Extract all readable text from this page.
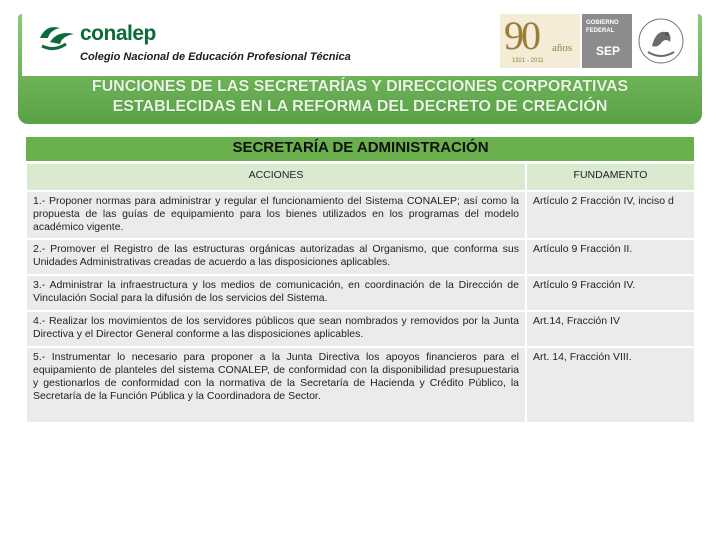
conalep
Colegio Nacional de Educación Profesional Técnica	90 años
1921 - 2011
GOBIERNO FEDERAL
SEP
FUNCIONES DE LAS SECRETARÍAS Y DIRECCIONES CORPORATIVAS
ESTABLECIDAS EN LA REFORMA DEL DECRETO DE CREACIÓN
SECRETARÍA DE ADMINISTRACIÓN
ACCIONES	FUNDAMENTO
1.- Proponer normas para administrar y regular el funcionamiento del Sistema CONALEP; así como la propuesta de las guías de equipamiento para los bienes utilizados en los programas del modelo académico vigente.	Artículo 2 Fracción IV, inciso d
2.- Promover el Registro de las estructuras orgánicas autorizadas al Organismo, que conforma sus Unidades Administrativas creadas de acuerdo a las disposiciones aplicables.	Artículo 9 Fracción II.
3.- Administrar la infraestructura y los medios de comunicación, en coordinación de la Dirección de Vinculación Social para la difusión de los servicios del Sistema.	Artículo 9 Fracción IV.
4.- Realizar los movimientos de los servidores públicos que sean nombrados y removidos por la Junta Directiva y el Director General conforme a las disposiciones aplicables.	Art.14, Fracción IV
5.- Instrumentar lo necesario para proponer a la Junta Directiva los apoyos financieros para el equipamiento de planteles del sistema CONALEP, de conformidad con la disponibilidad presupuestaria y gestionarlos de conformidad con la normativa de la Secretaría de Hacienda y Crédito Público, la Secretaría de la Función Pública y la Coordinadora de Sector.	Art. 14, Fracción VIII.
